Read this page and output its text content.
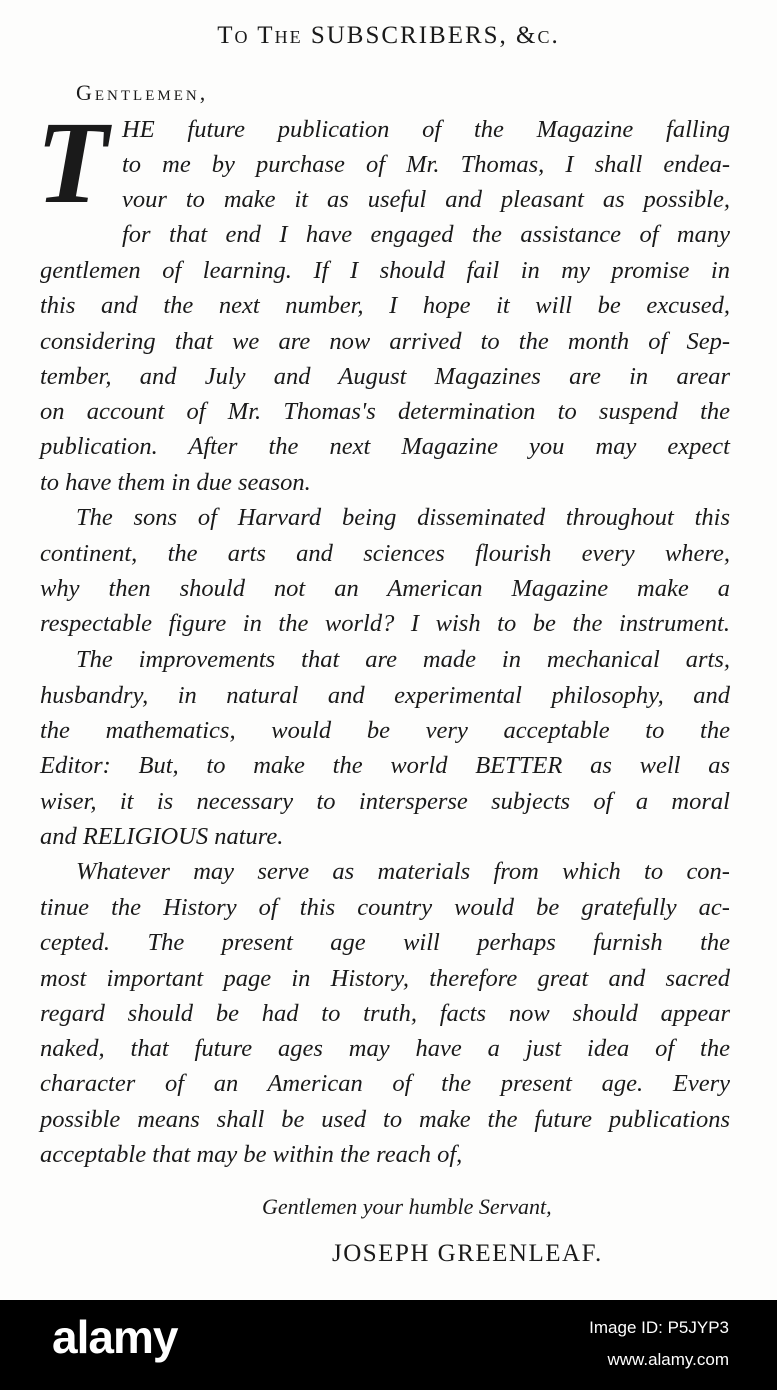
To The SUBSCRIBERS, &c.
Gentlemen,
T HE future publication of the Magazine falling
to me by purchase of Mr. Thomas, I shall endea-
vour to make it as useful and pleasant as possible,
for that end I have engaged the assistance of many
gentlemen of learning. If I should fail in my promise in
this and the next number, I hope it will be excused,
considering that we are now arrived to the month of Sep-
tember, and July and August Magazines are in arear
on account of Mr. Thomas's determination to suspend the
publication. After the next Magazine you may expect
to have them in due season.
The sons of Harvard being disseminated throughout this
continent, the arts and sciences flourish every where,
why then should not an American Magazine make a
respectable figure in the world? I wish to be the instrument.
The improvements that are made in mechanical arts,
husbandry, in natural and experimental philosophy, and
the mathematics, would be very acceptable to the
Editor: But, to make the world BETTER as well as
wiser, it is necessary to intersperse subjects of a moral
and RELIGIOUS nature.
Whatever may serve as materials from which to con-
tinue the History of this country would be gratefully ac-
cepted. The present age will perhaps furnish the
most important page in History, therefore great and sacred
regard should be had to truth, facts now should appear
naked, that future ages may have a just idea of the
character of an American of the present age. Every
possible means shall be used to make the future publications
acceptable that may be within the reach of,
Gentlemen your humble Servant,
JOSEPH GREENLEAF.
alamy	Image ID: P5JYP3
www.alamy.com
